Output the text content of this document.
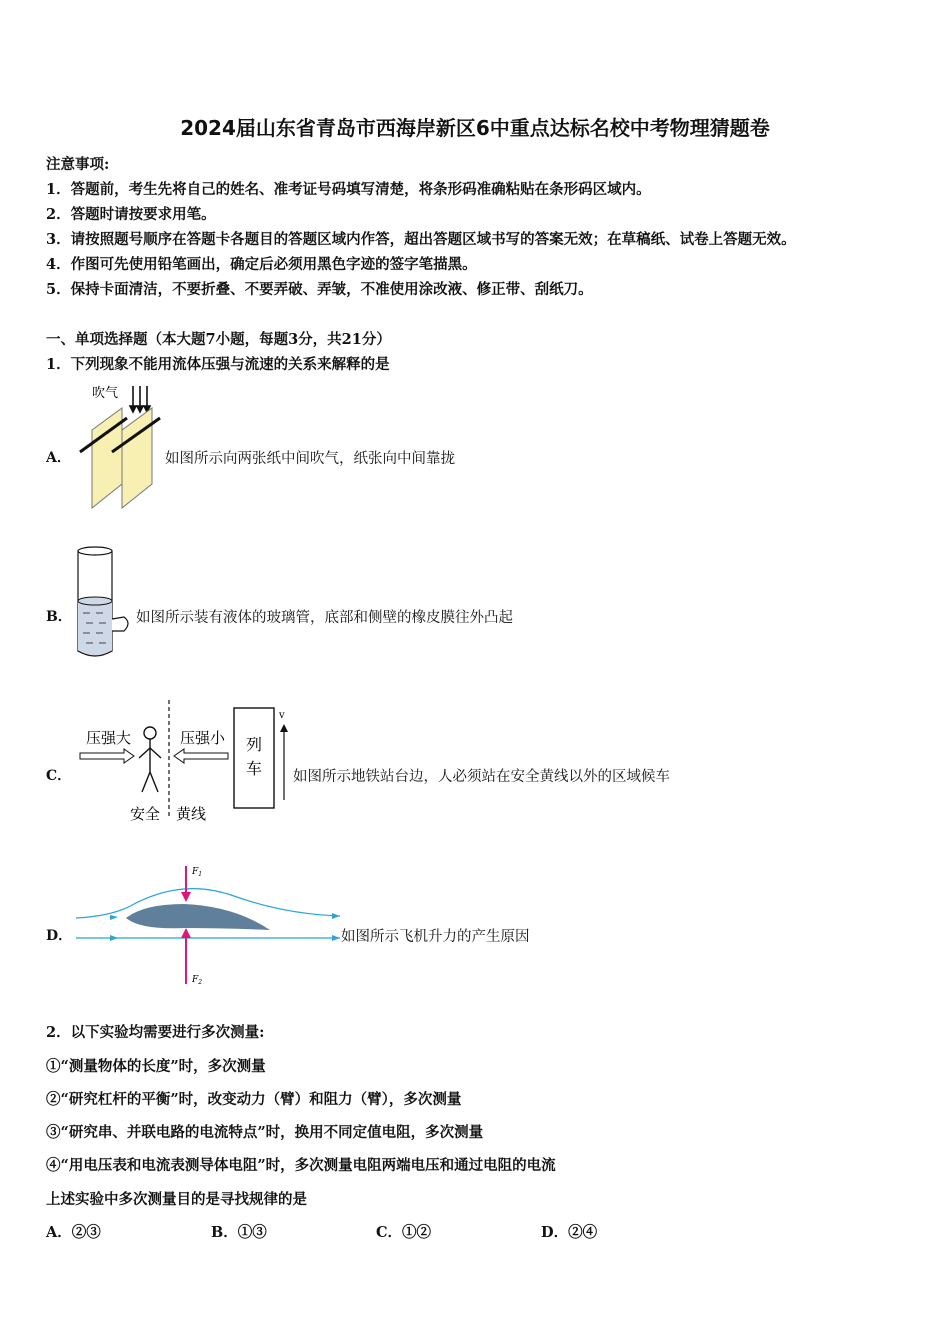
2024届山东省青岛市西海岸新区6中重点达标名校中考物理猜题卷
注意事项:
1．答题前，考生先将自己的姓名、准考证号码填写清楚，将条形码准确粘贴在条形码区域内。
2．答题时请按要求用笔。
3．请按照题号顺序在答题卡各题目的答题区域内作答，超出答题区域书写的答案无效；在草稿纸、试卷上答题无效。
4．作图可先使用铅笔画出，确定后必须用黑色字迹的签字笔描黑。
5．保持卡面清洁，不要折叠、不要弄破、弄皱，不准使用涂改液、修正带、刮纸刀。
一、单项选择题（本大题7小题，每题3分，共21分）
1．下列现象不能用流体压强与流速的关系来解释的是
A．
吹气
如图所示向两张纸中间吹气，纸张向中间靠拢
B．	如图所示装有液体的玻璃管，底部和侧壁的橡皮膜往外凸起
C．
压强大	压强小
安全 黄线
列
车
v
如图所示地铁站台边，人必须站在安全黄线以外的区域候车
D．
$F_1$
$F_2$
如图所示飞机升力的产生原因
2．以下实验均需要进行多次测量:
①“测量物体的长度”时，多次测量
②“研究杠杆的平衡”时，改变动力（臂）和阻力（臂），多次测量
③“研究串、并联电路的电流特点”时，换用不同定值电阻，多次测量
④“用电压表和电流表测导体电阻”时，多次测量电阻两端电压和通过电阻的电流
上述实验中多次测量目的是寻找规律的是
A．②③	B．①③	C．①②	D．②④
